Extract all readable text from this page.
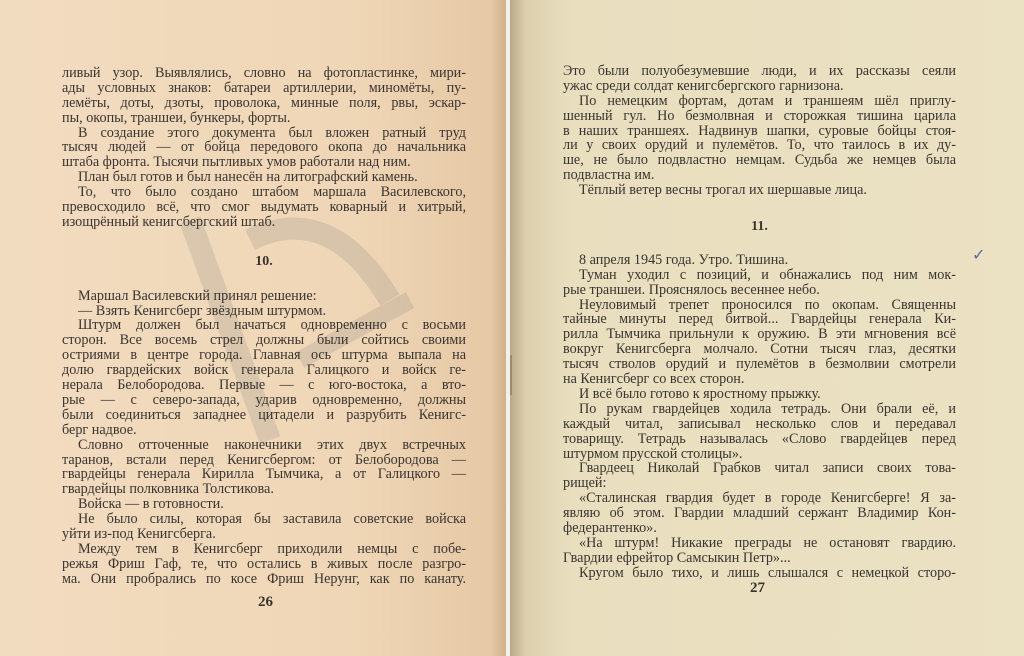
ливый узор. Выявлялись, словно на фотопластинке, мири-
ады условных знаков: батареи артиллерии, миномёты, пу-
лемёты, доты, дзоты, проволока, минные поля, рвы, эскар-
пы, окопы, траншеи, бункеры, форты.
В создание этого документа был вложен ратный труд
тысяч людей — от бойца передового окопа до начальника
штаба фронта. Тысячи пытливых умов работали над ним.
План был готов и был нанесён на литографский камень.
То, что было создано штабом маршала Василевского,
превосходило всё, что смог выдумать коварный и хитрый,
изощрённый кенигсбергский штаб.
10.
Маршал Василевский принял решение:
— Взять Кенигсберг звёздным штурмом.
Штурм должен был начаться одновременно с восьми
сторон. Все восемь стрел должны были сойтись своими
остриями в центре города. Главная ось штурма выпала на
долю гвардейских войск генерала Галицкого и войск ге-
нерала Белобородова. Первые — с юго-востока, а вто-
рые — с северо-запада, ударив одновременно, должны
были соединиться западнее цитадели и разрубить Кенигс-
берг надвое.
Словно отточенные наконечники этих двух встречных
таранов, встали перед Кенигсбергом: от Белобородова —
гвардейцы генерала Кирилла Тымчика, а от Галицкого —
гвардейцы полковника Толстикова.
Войска — в готовности.
Не было силы, которая бы заставила советские войска
уйти из-под Кенигсберга.
Между тем в Кенигсберг приходили немцы с побе-
режья Фриш Гаф, те, что остались в живых после разгро-
ма. Они пробрались по косе Фриш Нерунг, как по канату.
26
Это были полуобезумевшие люди, и их рассказы сеяли
ужас среди солдат кенигсбергского гарнизона.
По немецким фортам, дотам и траншеям шёл приглу-
шенный гул. Но безмолвная и сторожкая тишина царила
в наших траншеях. Надвинув шапки, суровые бойцы стоя-
ли у своих орудий и пулемётов. То, что таилось в их ду-
ше, не было подвластно немцам. Судьба же немцев была
подвластна им.
Тёплый ветер весны трогал их шершавые лица.
11.
8 апреля 1945 года. Утро. Тишина.
Туман уходил с позиций, и обнажались под ним мок-
рые траншеи. Прояснялось весеннее небо.
Неуловимый трепет проносился по окопам. Священны
тайные минуты перед битвой... Гвардейцы генерала Ки-
рилла Тымчика прильнули к оружию. В эти мгновения всё
вокруг Кенигсберга молчало. Сотни тысяч глаз, десятки
тысяч стволов орудий и пулемётов в безмолвии смотрели
на Кенигсберг со всех сторон.
И всё было готово к яростному прыжку.
По рукам гвардейцев ходила тетрадь. Они брали её, и
каждый читал, записывал несколько слов и передавал
товарищу. Тетрадь называлась «Слово гвардейцев перед
штурмом прусской столицы».
Гвардеец Николай Грабков читал записи своих това-
рищей:
«Сталинская гвардия будет в городе Кенигсберге! Я за-
являю об этом. Гвардии младший сержант Владимир Кон-
федерантенко».
«На штурм! Никакие преграды не остановят гвардию.
Гвардии ефрейтор Самсыкин Петр»...
Кругом было тихо, и лишь слышался с немецкой сторо-
✓
27
